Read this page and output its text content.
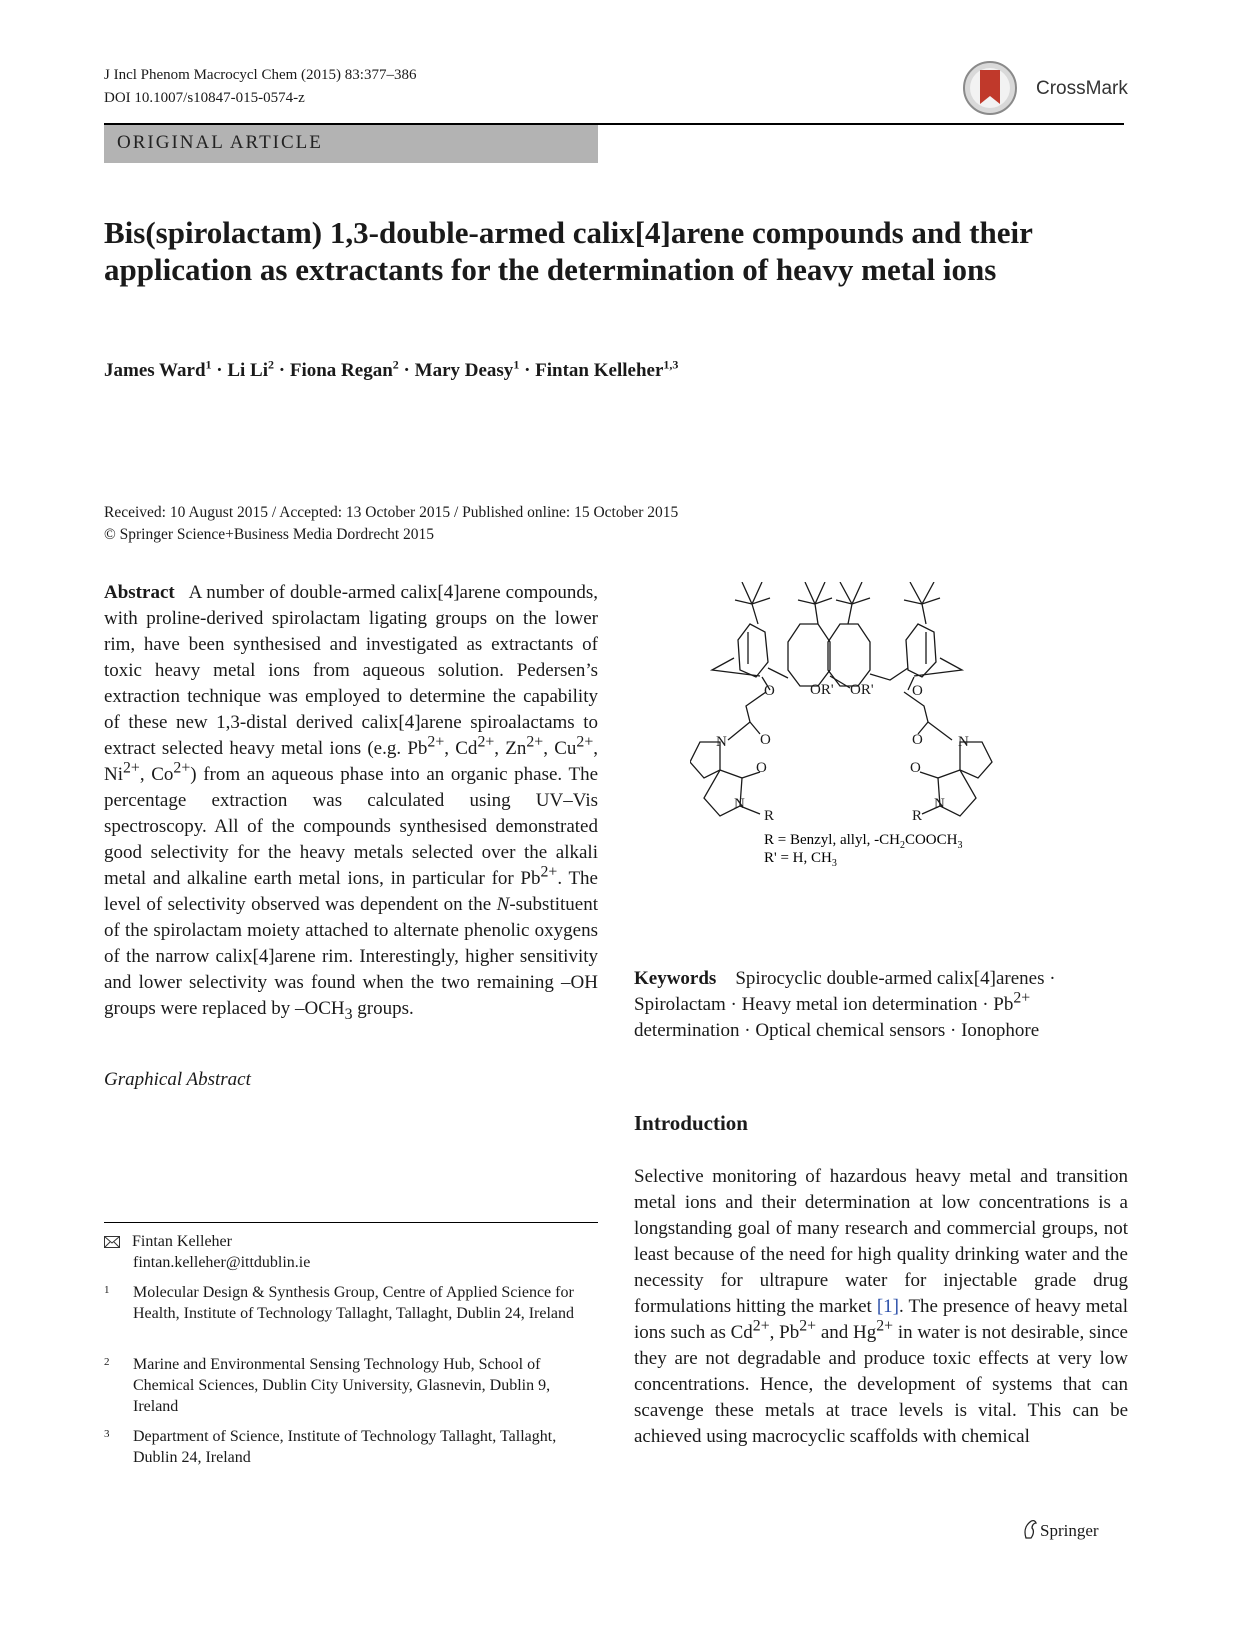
J Incl Phenom Macrocycl Chem (2015) 83:377–386
DOI 10.1007/s10847-015-0574-z	CrossMark
ORIGINAL ARTICLE
Bis(spirolactam) 1,3-double-armed calix[4]arene compounds and their application as extractants for the determination of heavy metal ions
James Ward$^1$ · Li $Li^2$ · Fiona Regan$^2$ · Mary Deasy$^1$ · Fintan Kelleher$^{1,3}$
Received: 10 August 2015 / Accepted: 13 October 2015 / Published online: 15 October 2015
© Springer Science+Business Media Dordrecht 2015
Abstract A number of double-armed calix[4]arene compounds, with proline-derived spirolactam ligating groups on the lower rim, have been synthesised and investigated as extractants of toxic heavy metal ions from aqueous solution. Pedersen’s extraction technique was employed to determine the capability of these new 1,3-distal derived calix[4]arene spiroalactams to extract selected heavy metal ions (e.g. $Pb^{2+}$, $Cd^{2+}$, $Zn^{2+}$, $Cu^{2+}$, $Ni^{2+}$, $Co^{2+}$) from an aqueous phase into an organic phase. The percentage extraction was calculated using UV–Vis spectroscopy. All of the compounds synthesised demonstrated good selectivity for the heavy metals selected over the alkali metal and alkaline earth metal ions, in particular for $Pb^{2+}$. The level of selectivity observed was dependent on the N-substituent of the spirolactam moiety attached to alternate phenolic oxygens of the narrow calix[4]arene rim. Interestingly, higher sensitivity and lower selectivity was found when the two remaining –OH groups were replaced by $-OCH_3$ groups.
Graphical Abstract
Fintan Kelleher
fintan.kelleher@ittdublin.ie
1 Molecular Design & Synthesis Group, Centre of Applied Science for Health, Institute of Technology Tallaght, Tallaght, Dublin 24, Ireland
2 Marine and Environmental Sensing Technology Hub, School of Chemical Sciences, Dublin City University, Glasnevin, Dublin 9, Ireland
3 Department of Science, Institute of Technology Tallaght, Tallaght, Dublin 24, Ireland
O OR' OR'	O
N O
O
N
R
N
O
O
N
R
R = Benzyl, allyl, $-CH_2COOCH_3$
R' = H, $CH_3$
Keywords Spirocyclic double-armed calix[4]arenes · Spirolactam · Heavy metal ion determination · $Pb^{2+}$ determination · Optical chemical sensors · Ionophore
Introduction
Selective monitoring of hazardous heavy metal and transition metal ions and their determination at low concentrations is a longstanding goal of many research and commercial groups, not least because of the need for high quality drinking water and the necessity for ultrapure water for injectable grade drug formulations hitting the market [1]. The presence of heavy metal ions such as $Cd^{2+}$, $Pb^{2+}$ and $Hg^{2+}$ in water is not desirable, since they are not degradable and produce toxic effects at very low concentrations. Hence, the development of systems that can scavenge these metals at trace levels is vital. This can be achieved using macrocyclic scaffolds with chemical
Springer
